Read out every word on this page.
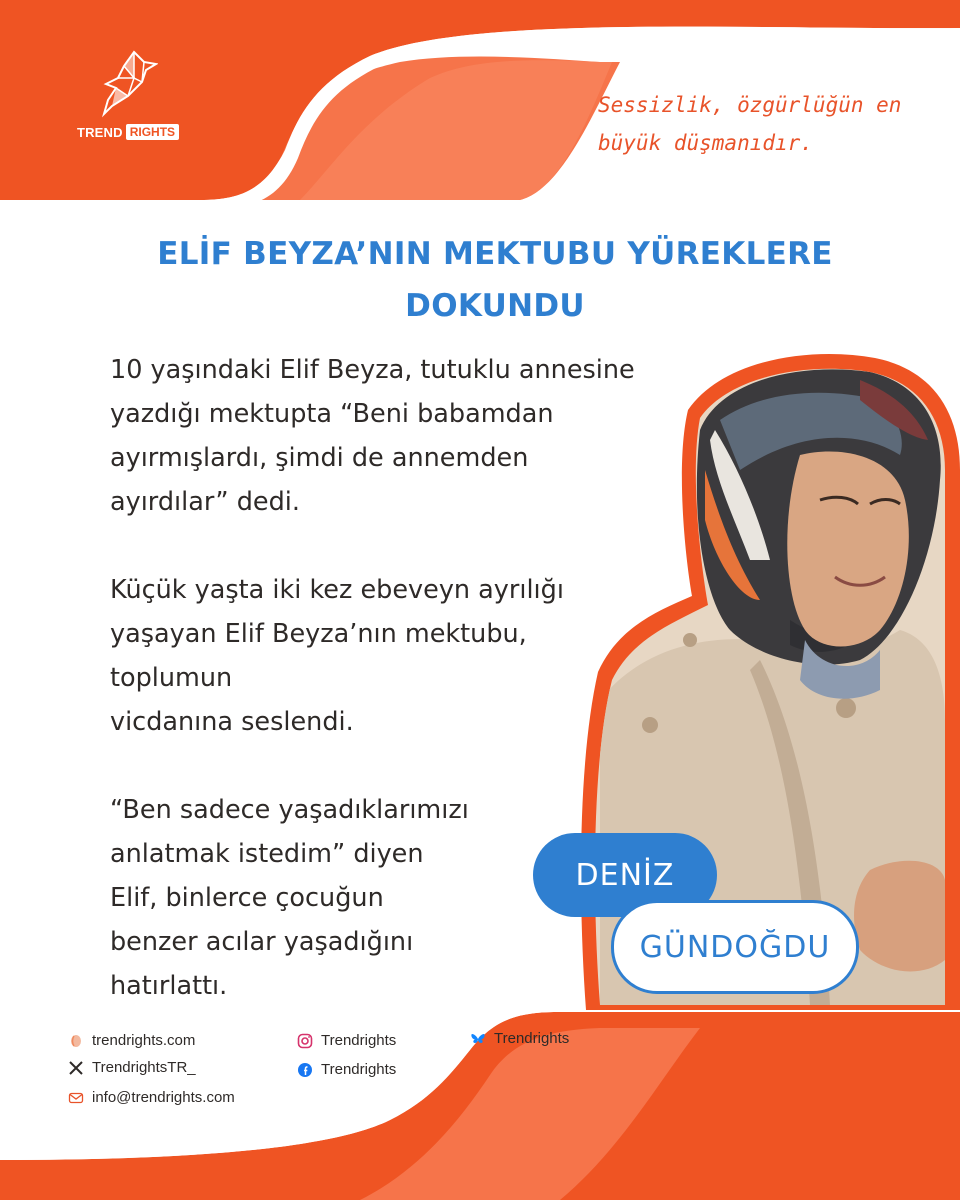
TREND RIGHTS
Sessizlik, özgürlüğün en
büyük düşmanıdır.
ELİF BEYZA’NIN MEKTUBU YÜREKLERE
DOKUNDU

10 yaşındaki Elif Beyza, tutuklu annesine
yazdığı mektupta “Beni babamdan
ayırmışlardı, şimdi de annemden
ayırdılar” dedi.

Küçük yaşta iki kez ebeveyn ayrılığı
yaşayan Elif Beyza’nın mektubu,
toplumun
vicdanına seslendi.

“Ben sadece yaşadıklarımızı
anlatmak istedim” diyen
Elif, binlerce çocuğun
benzer acılar yaşadığını
hatırlattı.

DENİZ
GÜNDOĞDU
trendrights.com
TrendrightsTR_
info@trendrights.com
Trendrights
Trendrights
Trendrights
